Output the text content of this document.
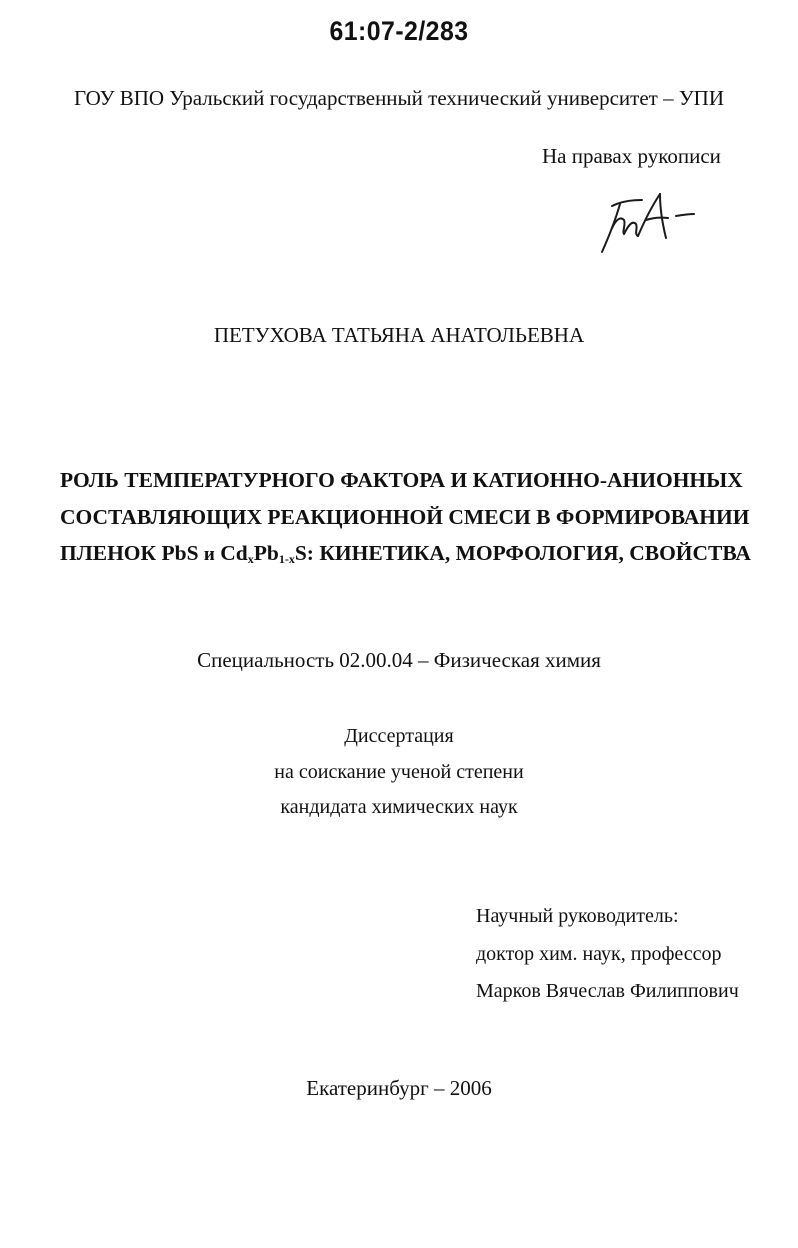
61:07-2/283
ГОУ ВПО Уральский государственный технический университет – УПИ
На правах рукописи
ПЕТУХОВА ТАТЬЯНА АНАТОЛЬЕВНА
РОЛЬ ТЕМПЕРАТУРНОГО ФАКТОРА И КАТИОННО-АНИОННЫХ
СОСТАВЛЯЮЩИХ РЕАКЦИОННОЙ СМЕСИ В ФОРМИРОВАНИИ
ПЛЕНОК PbS и $Cd_xPb_{1-x}S$: КИНЕТИКА, МОРФОЛОГИЯ, СВОЙСТВА
Специальность 02.00.04 – Физическая химия
Диссертация
на соискание ученой степени
кандидата химических наук
Научный руководитель:
доктор хим. наук, профессор
Марков Вячеслав Филиппович
Екатеринбург – 2006
